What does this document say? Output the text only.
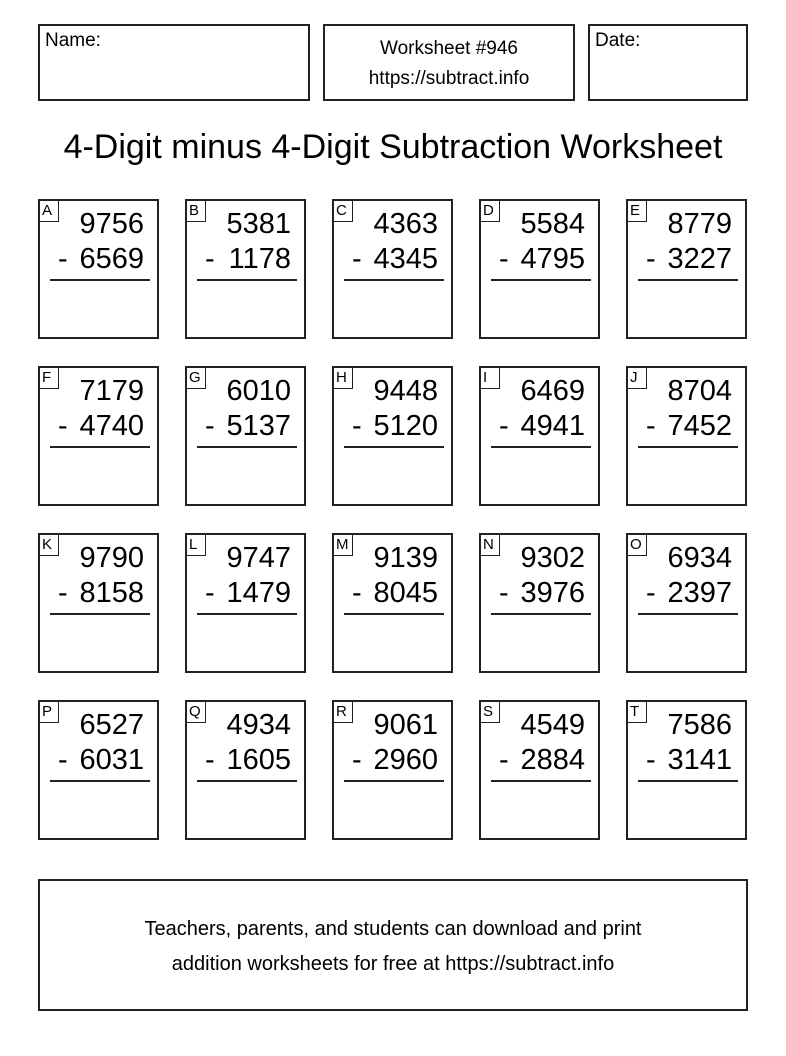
Name:	Worksheet #946
https://subtract.info
Date:
4-Digit minus 4-Digit Subtraction Worksheet
A 9756
- 6569
B 5381
- 1178
C 4363
- 4345
D 5584
- 4795
E 8779
- 3227
F 7179
- 4740
G 6010
- 5137
H 9448
- 5120
I	6469
- 4941
J	8704
- 7452
K 9790
- 8158
L 9747
- 1479
M 9139
- 8045
N 9302
- 3976
O 6934
- 2397
P 6527
- 6031
Q 4934
- 1605
R 9061
- 2960
S 4549
- 2884
T 7586
- 3141
Teachers, parents, and students can download and print
addition worksheets for free at https://subtract.info
